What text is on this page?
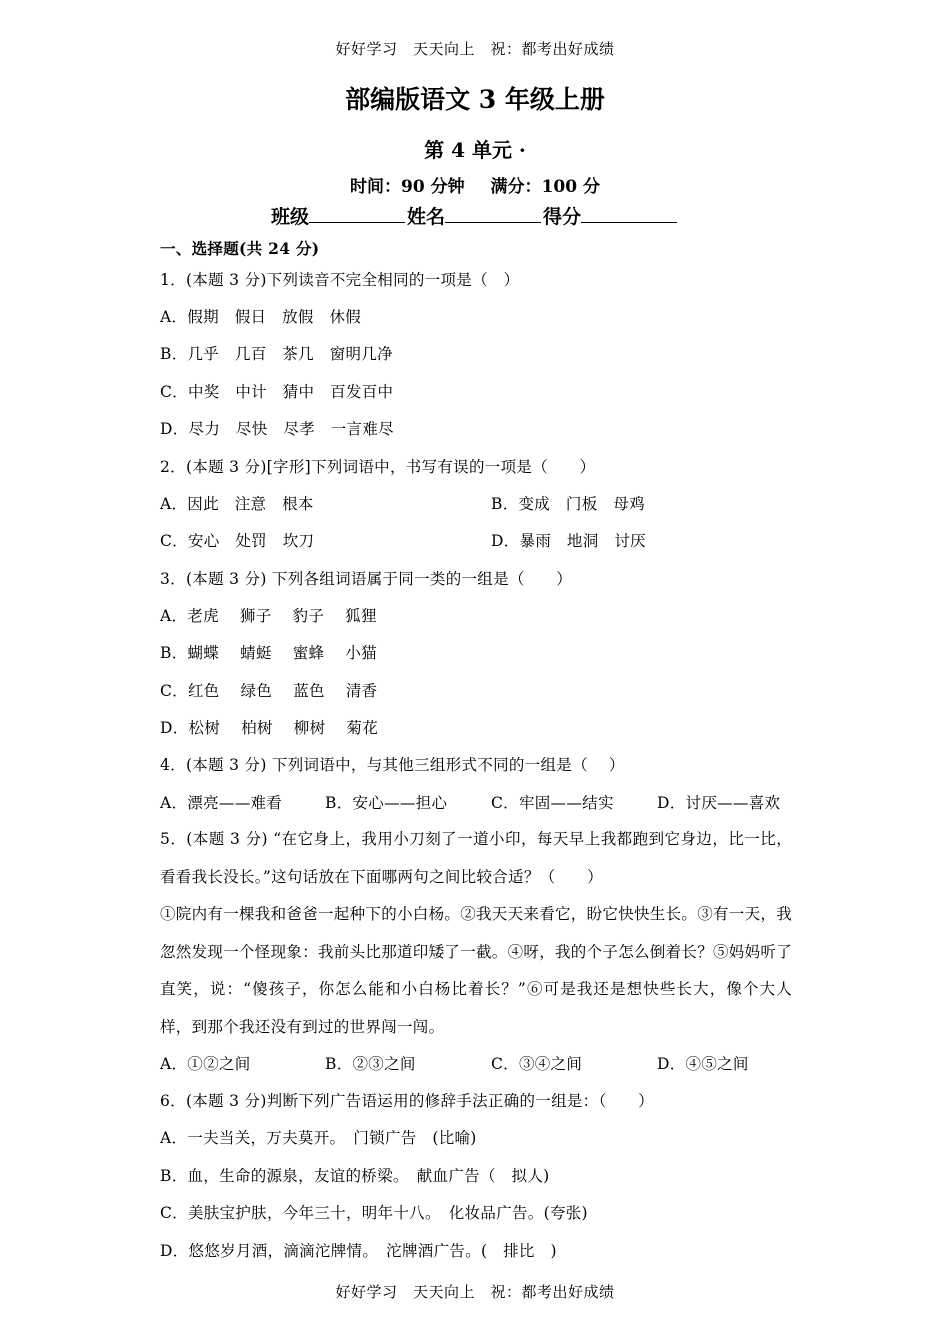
好好学习　天天向上　祝：都考出好成绩
部编版语文 3 年级上册
第 4 单元 ·
时间：90 分钟 满分：100 分
班级	姓名	得分
一、选择题(共 24 分)
1．(本题 3 分)下列读音不完全相同的一项是（　）
A．假期　假日　放假　休假
B．几乎　几百　茶几　窗明几净
C．中奖　中计　猜中　百发百中
D．尽力　尽快　尽孝　一言难尽
2．(本题 3 分)[字形]下列词语中，书写有误的一项是（　　）
A．因此　注意　根本	B．变成　门板　母鸡
C．安心　处罚　坎刀	D．暴雨　地洞　讨厌
3．(本题 3 分) 下列各组词语属于同一类的一组是（　　）
A．老虎　 狮子　 豹子　 狐狸
B．蝴蝶　 蜻蜓　 蜜蜂　 小猫
C．红色　 绿色　 蓝色　 清香
D．松树　 柏树　 柳树　 菊花
4．(本题 3 分) 下列词语中，与其他三组形式不同的一组是（　 ）
A．漂亮——难看	B．安心——担心	C．牢固——结实	D．讨厌——喜欢
5．(本题 3 分) “在它身上，我用小刀刻了一道小印，每天早上我都跑到它身边，比一比，看看我长没长。”这句话放在下面哪两句之间比较合适？（　　）
①院内有一棵我和爸爸一起种下的小白杨。②我天天来看它，盼它快快生长。③有一天，我忽然发现一个怪现象：我前头比那道印矮了一截。④呀，我的个子怎么倒着长？⑤妈妈听了直笑，说：“傻孩子，你怎么能和小白杨比着长？”⑥可是我还是想快些长大，像个大人样，到那个我还没有到过的世界闯一闯。
A．①②之间	B．②③之间	C．③④之间	D．④⑤之间
6．(本题 3 分)判断下列广告语运用的修辞手法正确的一组是：（　　）
A．一夫当关，万夫莫开。　门锁广告　(比喻)
B．血，生命的源泉，友谊的桥梁。　献血广告（　拟人)
C．美肤宝护肤，今年三十，明年十八。　化妆品广告。(夸张)
D．悠悠岁月酒，滴滴沱牌情。　沱牌酒广告。(　排比　)
好好学习　天天向上　祝：都考出好成绩
